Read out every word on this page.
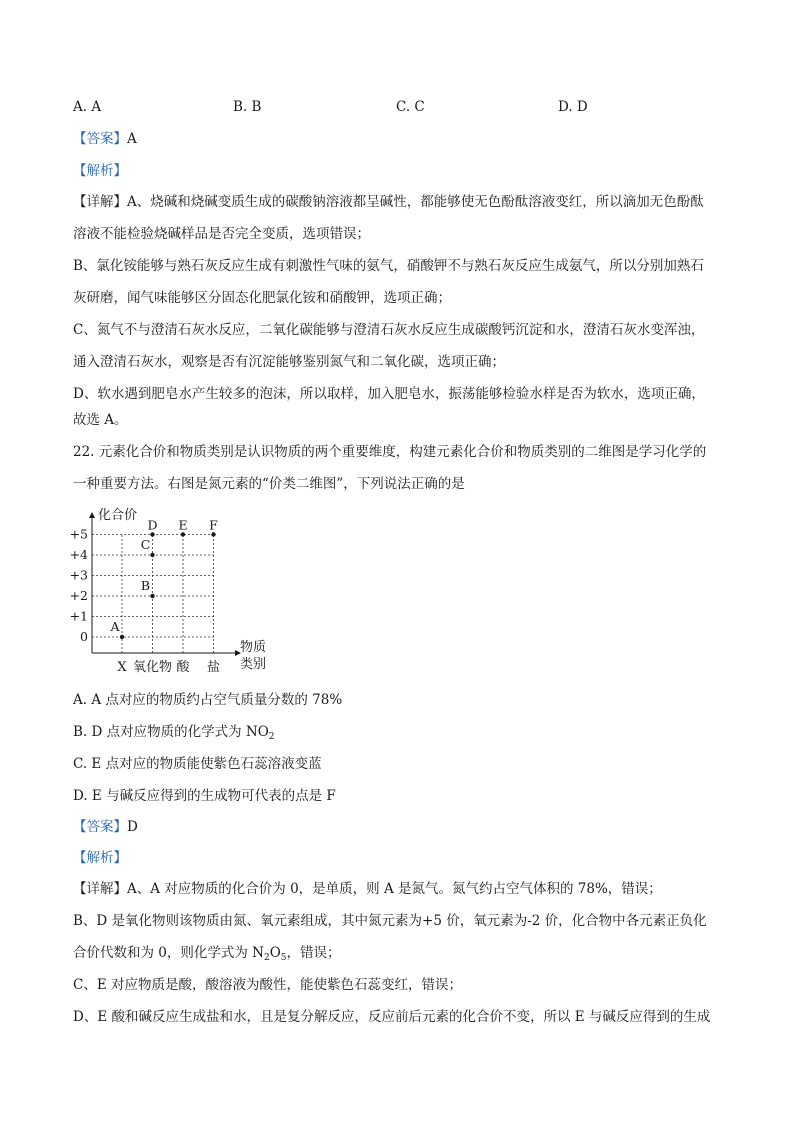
A. A	B. B	C. C	D. D
【答案】A
【解析】
【详解】A、烧碱和烧碱变质生成的碳酸钠溶液都呈碱性，都能够使无色酚酞溶液变红，所以滴加无色酚酞
溶液不能检验烧碱样品是否完全变质，选项错误；
B、氯化铵能够与熟石灰反应生成有刺激性气味的氨气，硝酸钾不与熟石灰反应生成氨气，所以分别加熟石
灰研磨，闻气味能够区分固态化肥氯化铵和硝酸钾，选项正确；
C、氮气不与澄清石灰水反应，二氧化碳能够与澄清石灰水反应生成碳酸钙沉淀和水，澄清石灰水变浑浊，
通入澄清石灰水，观察是否有沉淀能够鉴别氮气和二氧化碳，选项正确；
D、软水遇到肥皂水产生较多的泡沫，所以取样，加入肥皂水，振荡能够检验水样是否为软水，选项正确，
故选 A。
22. 元素化合价和物质类别是认识物质的两个重要维度，构建元素化合价和物质类别的二维图是学习化学的
一种重要方法。右图是氮元素的“价类二维图”，下列说法正确的是
化合价
+5
+4
+3
+2
+1
0
X 氧化物 酸 盐
物质
类别
A
B
C
D E F
A. A 点对应的物质约占空气质量分数的 78%
B. D 点对应物质的化学式为 $NO_2$
C. E 点对应的物质能使紫色石蕊溶液变蓝
D. E 与碱反应得到的生成物可代表的点是 F
【答案】D
【解析】
【详解】A、A 对应物质的化合价为 0，是单质，则 A 是氮气。氮气约占空气体积的 78%，错误；
B、D 是氧化物则该物质由氮、氧元素组成，其中氮元素为+5 价，氧元素为-2 价，化合物中各元素正负化
合价代数和为 0，则化学式为 $N_2O_5$，错误；
C、E 对应物质是酸，酸溶液为酸性，能使紫色石蕊变红，错误；
D、E 酸和碱反应生成盐和水，且是复分解反应，反应前后元素的化合价不变，所以 E 与碱反应得到的生成
